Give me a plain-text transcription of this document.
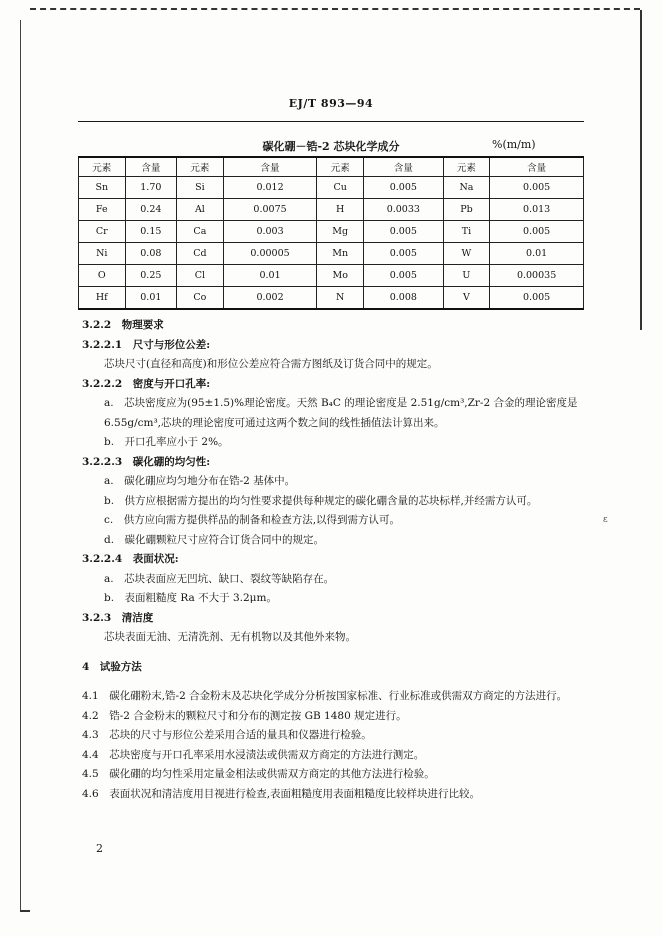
ɛ
EJ/T 893—94
碳化硼－锆-2 芯块化学成分	%(m/m)
元素	含量	元素	含量	元素	含量	元素	含量
Sn	1.70	Si	0.012	Cu	0.005	Na	0.005
Fe	0.24	Al	0.0075	H	0.0033	Pb	0.013
Cr	0.15	Ca	0.003	Mg	0.005	Ti	0.005
Ni	0.08	Cd	0.00005	Mn	0.005	W	0.01
O	0.25	Cl	0.01	Mo	0.005	U	0.00035
Hf	0.01	Co	0.002	N	0.008	V	0.005

3.2.2　物理要求

3.2.2.1　尺寸与形位公差:

芯块尺寸(直径和高度)和形位公差应符合需方图纸及订货合同中的规定。

3.2.2.2　密度与开口孔率:

a.　芯块密度应为(95±1.5)%理论密度。天然 B₄C 的理论密度是 2.51g/cm³,Zr-2 合金的理论密度是 6.55g/cm³,芯块的理论密度可通过这两个数之间的线性插值法计算出来。

b.　开口孔率应小于 2%。

3.2.2.3　碳化硼的均匀性:

a.　碳化硼应均匀地分布在锆-2 基体中。

b.　供方应根据需方提出的均匀性要求提供每种规定的碳化硼含量的芯块标样,并经需方认可。

c.　供方应向需方提供样品的制备和检查方法,以得到需方认可。

d.　碳化硼颗粒尺寸应符合订货合同中的规定。

3.2.2.4　表面状况:

a.　芯块表面应无凹坑、缺口、裂纹等缺陷存在。

b.　表面粗糙度 Ra 不大于 3.2μm。

3.2.3　清洁度

芯块表面无油、无清洗剂、无有机物以及其他外来物。

4　试验方法

4.1　碳化硼粉末,锆-2 合金粉末及芯块化学成分分析按国家标准、行业标准或供需双方商定的方法进行。

4.2　锆-2 合金粉末的颗粒尺寸和分布的测定按 GB 1480 规定进行。

4.3　芯块的尺寸与形位公差采用合适的量具和仪器进行检验。

4.4　芯块密度与开口孔率采用水浸渍法或供需双方商定的方法进行测定。

4.5　碳化硼的均匀性采用定量金相法或供需双方商定的其他方法进行检验。

4.6　表面状况和清洁度用目视进行检查,表面粗糙度用表面粗糙度比较样块进行比较。

2
